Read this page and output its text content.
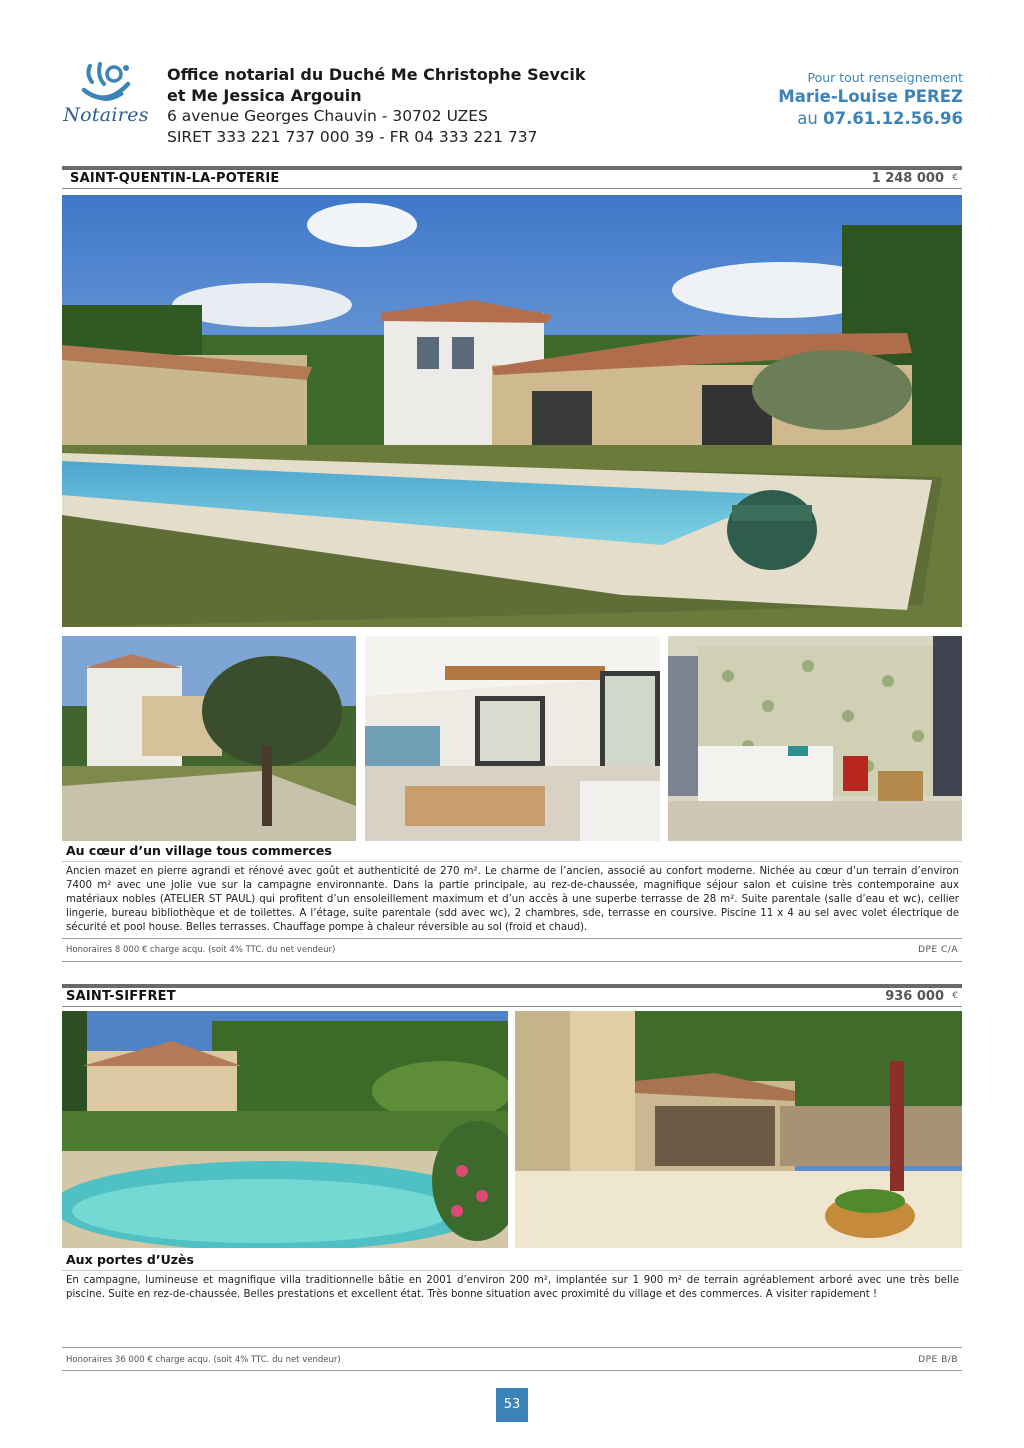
Notaires
Office notarial du Duché Me Christophe Sevcik
et Me Jessica Argouin
6 avenue Georges Chauvin - 30702 UZES
SIRET 333 221 737 000 39 - FR 04 333 221 737
Pour tout renseignement
Marie-Louise PEREZ
au 07.61.12.56.96
SAINT-QUENTIN-LA-POTERIE	1 248 000 €
Au cœur d’un village tous commerces
Ancien mazet en pierre agrandi et rénové avec goût et authenticité de 270 m². Le charme de l’ancien, associé au confort moderne. Nichée au cœur d’un terrain d’environ 7400 m² avec une jolie vue sur la campagne environnante. Dans la partie principale, au rez-de-chaussée, magnifique séjour salon et cuisine très contemporaine aux matériaux nobles (ATELIER ST PAUL) qui profitent d’un ensoleillement maximum et d’un accès à une superbe terrasse de 28 m². Suite parentale (salle d’eau et wc), cellier lingerie, bureau bibliothèque et de toilettes. A l’étage, suite parentale (sdd avec wc), 2 chambres, sde, terrasse en coursive. Piscine 11 x 4 au sel avec volet électrique de sécurité et pool house. Belles terrasses. Chauffage pompe à chaleur réversible au sol (froid et chaud).
Honoraires 8 000 € charge acqu. (soit 4% TTC. du net vendeur)	DPE C/A
SAINT-SIFFRET	936 000 €
Aux portes d’Uzès
En campagne, lumineuse et magnifique villa traditionnelle bâtie en 2001 d’environ 200 m², implantée sur 1 900 m² de terrain agréablement arboré avec une très belle piscine. Suite en rez-de-chaussée. Belles prestations et excellent état. Très bonne situation avec proximité du village et des commerces. A visiter rapidement !
Honoraires 36 000 € charge acqu. (soit 4% TTC. du net vendeur)	DPE B/B
53
